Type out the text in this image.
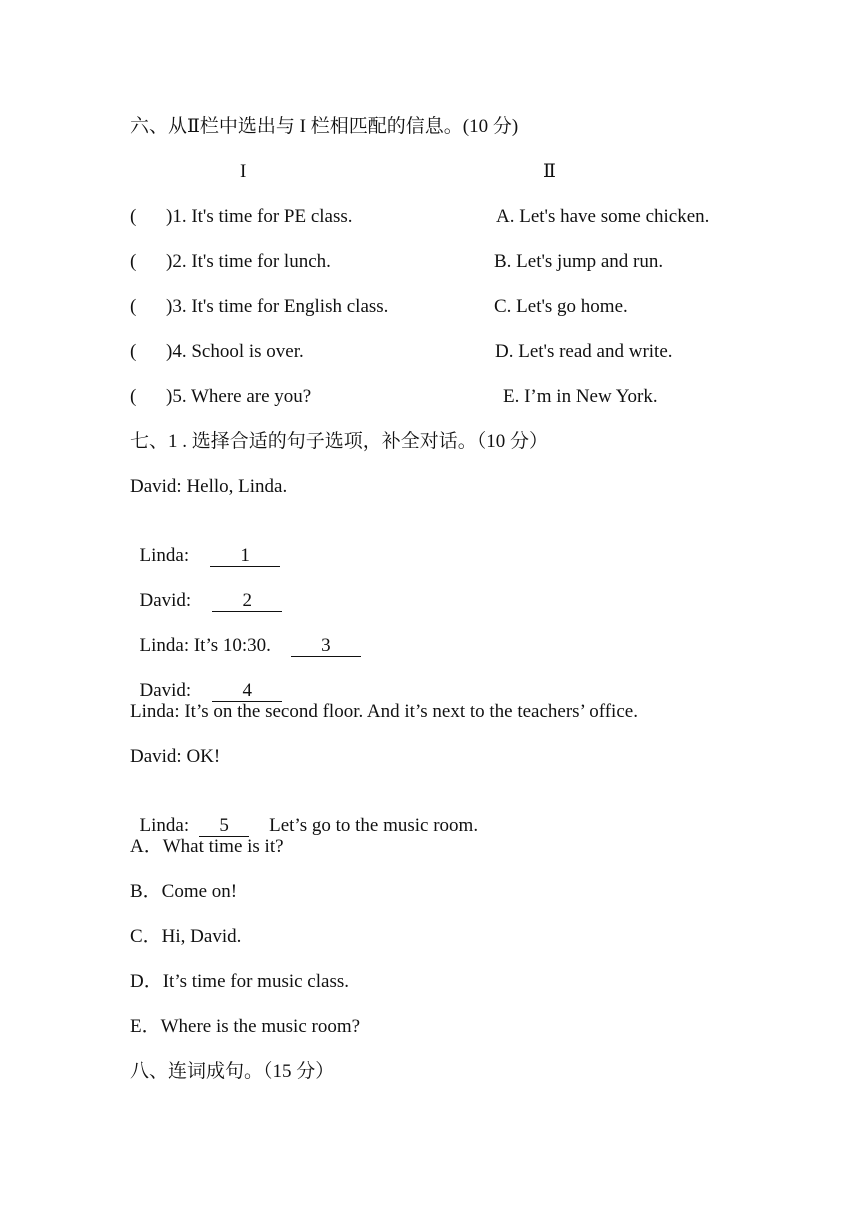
六、从Ⅱ栏中选出与 I 栏相匹配的信息。(10 分)
I	Ⅱ
( )1. It's time for PE class.	A. Let's have some chicken.
( )2. It's time for lunch.	B. Let's jump and run.
( )3. It's time for English class.	C. Let's go home.
( )4. School is over.	D. Let's read and write.
( )5. Where are you?	E. I’m in New York.
七、1 . 选择合适的句子选项，补全对话。（10 分）
David: Hello, Linda.

Linda:	1

David:	2

Linda: It’s 10:30.	3

David:	4

Linda: It’s on the second floor. And it’s next to the teachers’ office.
David: OK!

Linda: 5 Let’s go to the music room.

A．What time is it?
B．Come on!
C．Hi, David.
D．It’s time for music class.
E．Where is the music room?
八、连词成句。（15 分）
